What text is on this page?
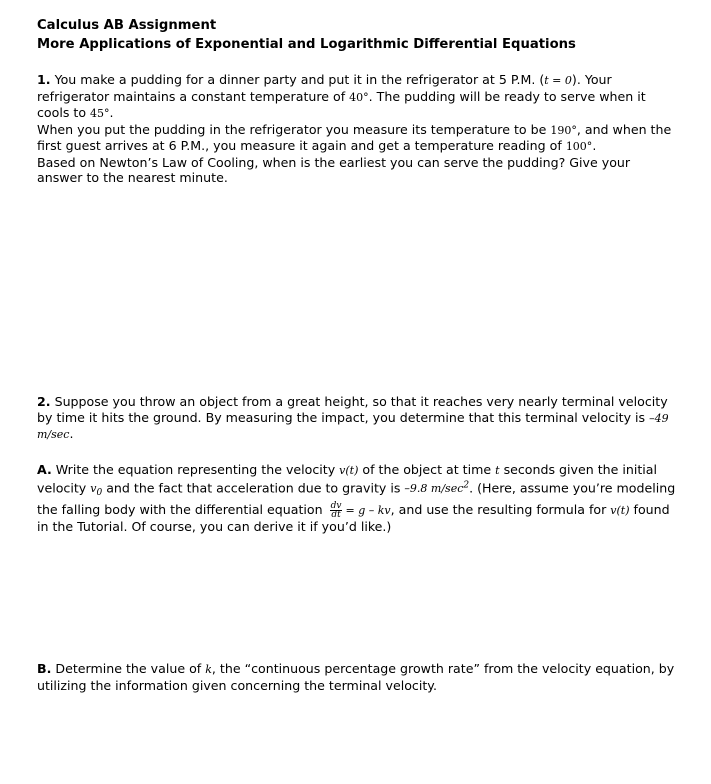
Calculus AB Assignment
More Applications of Exponential and Logarithmic Differential Equations

1. You make a pudding for a dinner party and put it in the refrigerator at 5 P.M. (t = 0). Your refrigerator maintains a constant temperature of 40°. The pudding will be ready to serve when it cools to 45°.

When you put the pudding in the refrigerator you measure its temperature to be 190°, and when the first guest arrives at 6 P.M., you measure it again and get a temperature reading of 100°.

Based on Newton’s Law of Cooling, when is the earliest you can serve the pudding? Give your answer to the nearest minute.

2. Suppose you throw an object from a great height, so that it reaches very nearly terminal velocity by time it hits the ground. By measuring the impact, you determine that this terminal velocity is –49 m/sec.

A. Write the equation representing the velocity v(t) of the object at time t seconds given the initial velocity $v_0$ and the fact that acceleration due to gravity is –9.8 $m/\sec^2$. (Here, assume you’re modeling the falling body with the differential equation $\frac{dv}{dt} = g$ – kv, and use the resulting formula for v(t) found in the Tutorial. Of course, you can derive it if you’d like.)

B. Determine the value of k, the “continuous percentage growth rate” from the velocity equation, by utilizing the information given concerning the terminal velocity.
